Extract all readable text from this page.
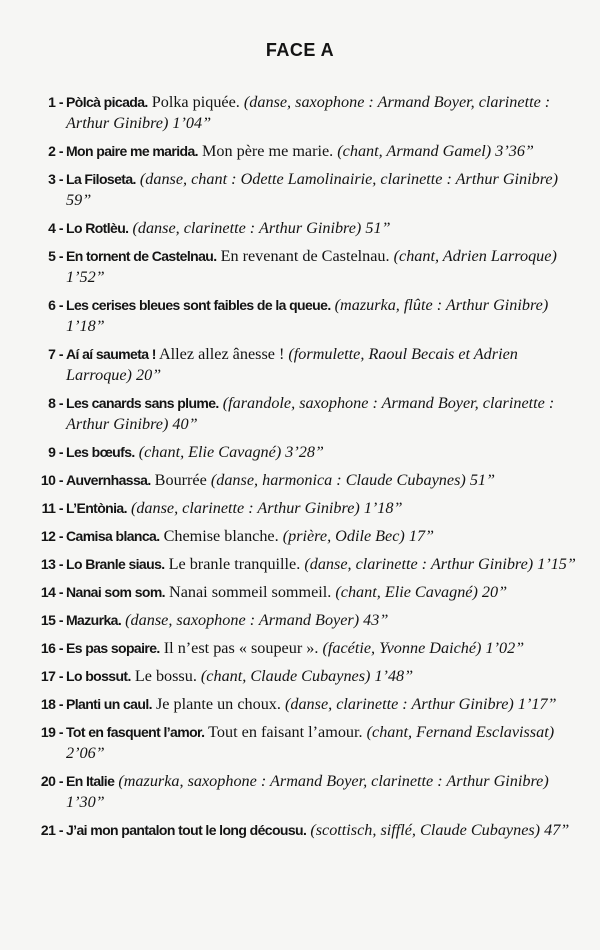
FACE A
1 - Pòlcà picada. Polka piquée. (danse, saxophone : Armand Boyer, clarinette : Arthur Ginibre) 1’04”
2 - Mon paire me marida. Mon père me marie. (chant, Armand Gamel) 3’36”
3 - La Filoseta. (danse, chant : Odette Lamolinairie, clarinette : Arthur Ginibre) 59”
4 - Lo Rotlèu. (danse, clarinette : Arthur Ginibre) 51”
5 - En tornent de Castelnau. En revenant de Castelnau. (chant, Adrien Larroque) 1’52”
6 - Les cerises bleues sont faibles de la queue. (mazurka, flûte : Arthur Ginibre) 1’18”
7 - Aí aí saumeta ! Allez allez ânesse ! (formulette, Raoul Becais et Adrien Larroque) 20”
8 - Les canards sans plume. (farandole, saxophone : Armand Boyer, clarinette : Arthur Ginibre) 40”
9 - Les bœufs. (chant, Elie Cavagné) 3’28”
10 - Auvernhassa. Bourrée (danse, harmonica : Claude Cubaynes) 51”
11 - L’Entònia. (danse, clarinette : Arthur Ginibre) 1’18”
12 - Camisa blanca. Chemise blanche. (prière, Odile Bec) 17”
13 - Lo Branle siaus. Le branle tranquille. (danse, clarinette : Arthur Ginibre) 1’15”
14 - Nanai som som. Nanai sommeil sommeil. (chant, Elie Cavagné) 20”
15 - Mazurka. (danse, saxophone : Armand Boyer) 43”
16 - Es pas sopaire. Il n’est pas « soupeur ». (facétie, Yvonne Daiché) 1’02”
17 - Lo bossut. Le bossu. (chant, Claude Cubaynes) 1’48”
18 - Planti un caul. Je plante un choux. (danse, clarinette : Arthur Ginibre) 1’17”
19 - Tot en fasquent l’amor. Tout en faisant l’amour. (chant, Fernand Esclavissat) 2’06”
20 - En Italie (mazurka, saxophone : Armand Boyer, clarinette : Arthur Ginibre) 1’30”
21 - J’ai mon pantalon tout le long décousu. (scottisch, sifflé, Claude Cubaynes) 47”
